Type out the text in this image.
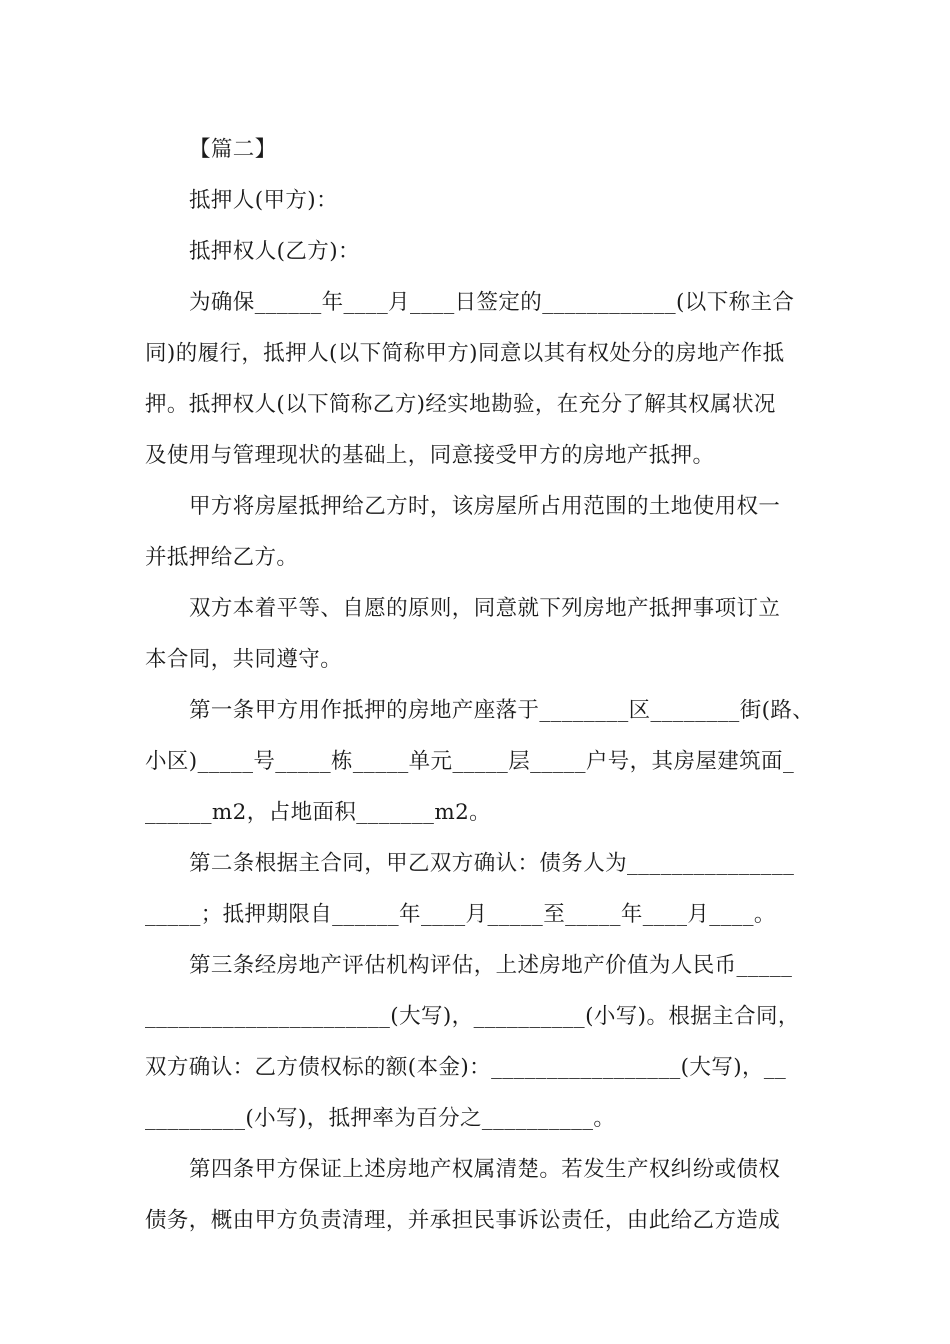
【篇二】
抵押人(甲方)：
抵押权人(乙方)：
为确保______年____月____日签定的____________(以下称主合
同)的履行，抵押人(以下简称甲方)同意以其有权处分的房地产作抵
押。抵押权人(以下简称乙方)经实地勘验，在充分了解其权属状况
及使用与管理现状的基础上，同意接受甲方的房地产抵押。
甲方将房屋抵押给乙方时，该房屋所占用范围的土地使用权一
并抵押给乙方。
双方本着平等、自愿的原则，同意就下列房地产抵押事项订立
本合同，共同遵守。
第一条甲方用作抵押的房地产座落于________区________街(路、
小区)_____号_____栋_____单元_____层_____户号，其房屋建筑面_
______m2，占地面积_______m2。
第二条根据主合同，甲乙双方确认：债务人为_______________
_____；抵押期限自______年____月_____至_____年____月____。
第三条经房地产评估机构评估，上述房地产价值为人民币_____
______________________(大写)，__________(小写)。根据主合同，
双方确认：乙方债权标的额(本金)：_________________(大写)，__
_________(小写)，抵押率为百分之__________。
第四条甲方保证上述房地产权属清楚。若发生产权纠纷或债权
债务，概由甲方负责清理，并承担民事诉讼责任，由此给乙方造成
